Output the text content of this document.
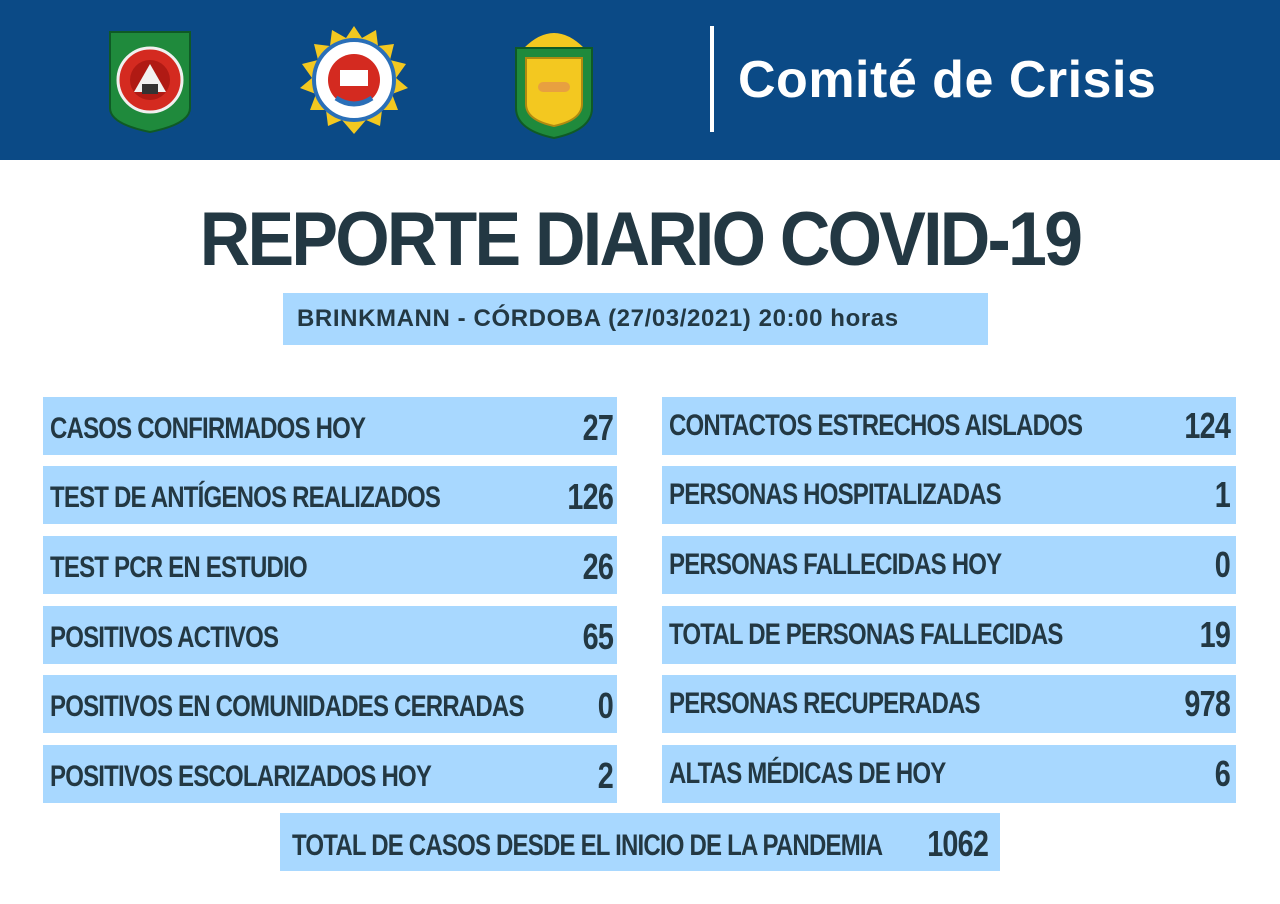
Comité de Crisis
REPORTE DIARIO COVID-19
BRINKMANN - CÓRDOBA (27/03/2021) 20:00 horas
CASOS CONFIRMADOS HOY	27
TEST DE ANTÍGENOS REALIZADOS	126
TEST PCR EN ESTUDIO	26
POSITIVOS ACTIVOS	65
POSITIVOS EN COMUNIDADES CERRADAS 0
POSITIVOS ESCOLARIZADOS HOY	2
CONTACTOS ESTRECHOS AISLADOS	124
PERSONAS HOSPITALIZADAS	1
PERSONAS FALLECIDAS HOY	0
TOTAL DE PERSONAS FALLECIDAS	19
PERSONAS RECUPERADAS	978
ALTAS MÉDICAS DE HOY	6
TOTAL DE CASOS DESDE EL INICIO DE LA PANDEMIA 1062
